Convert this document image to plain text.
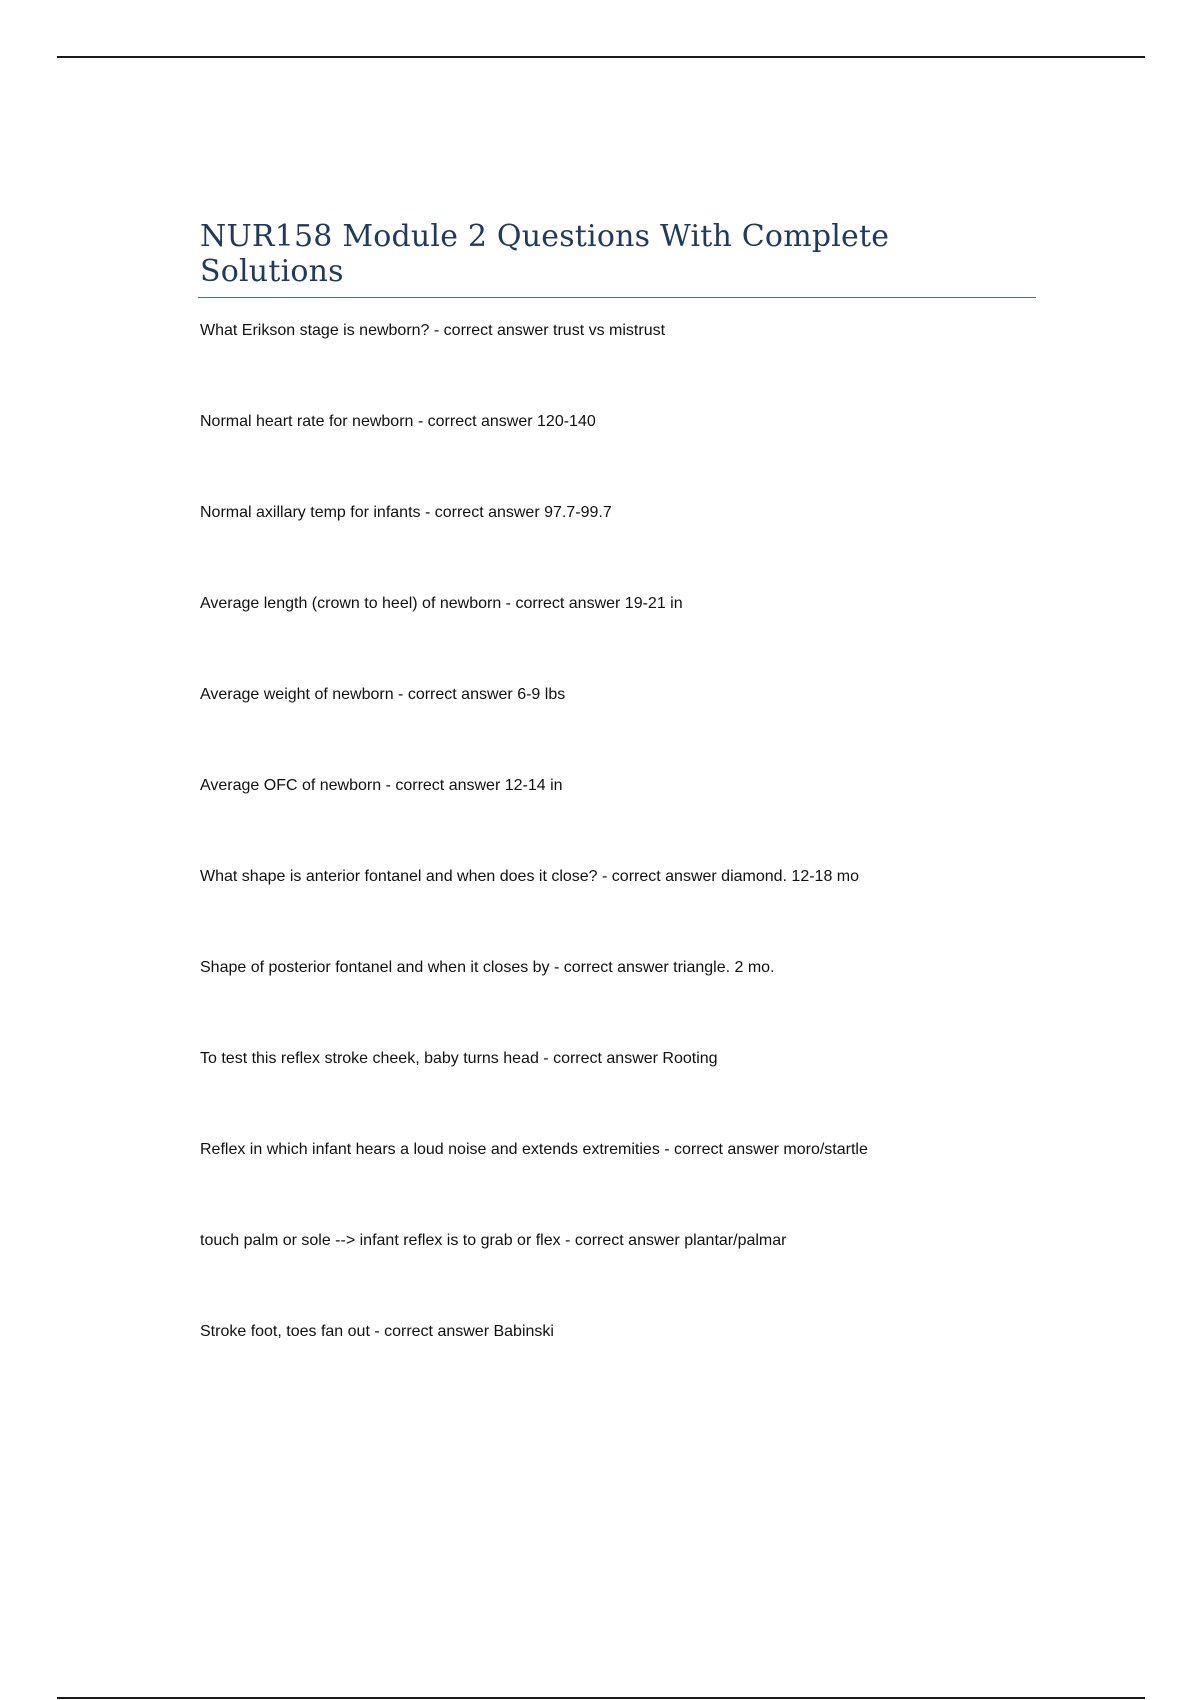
NUR158 Module 2 Questions With Complete Solutions
What Erikson stage is newborn? - correct answer trust vs mistrust
Normal heart rate for newborn - correct answer 120-140
Normal axillary temp for infants - correct answer 97.7-99.7
Average length (crown to heel) of newborn - correct answer 19-21 in
Average weight of newborn - correct answer 6-9 lbs
Average OFC of newborn - correct answer 12-14 in
What shape is anterior fontanel and when does it close? - correct answer diamond. 12-18 mo
Shape of posterior fontanel and when it closes by - correct answer triangle. 2 mo.
To test this reflex stroke cheek, baby turns head - correct answer Rooting
Reflex in which infant hears a loud noise and extends extremities - correct answer moro/startle
touch palm or sole --> infant reflex is to grab or flex - correct answer plantar/palmar
Stroke foot, toes fan out - correct answer Babinski
